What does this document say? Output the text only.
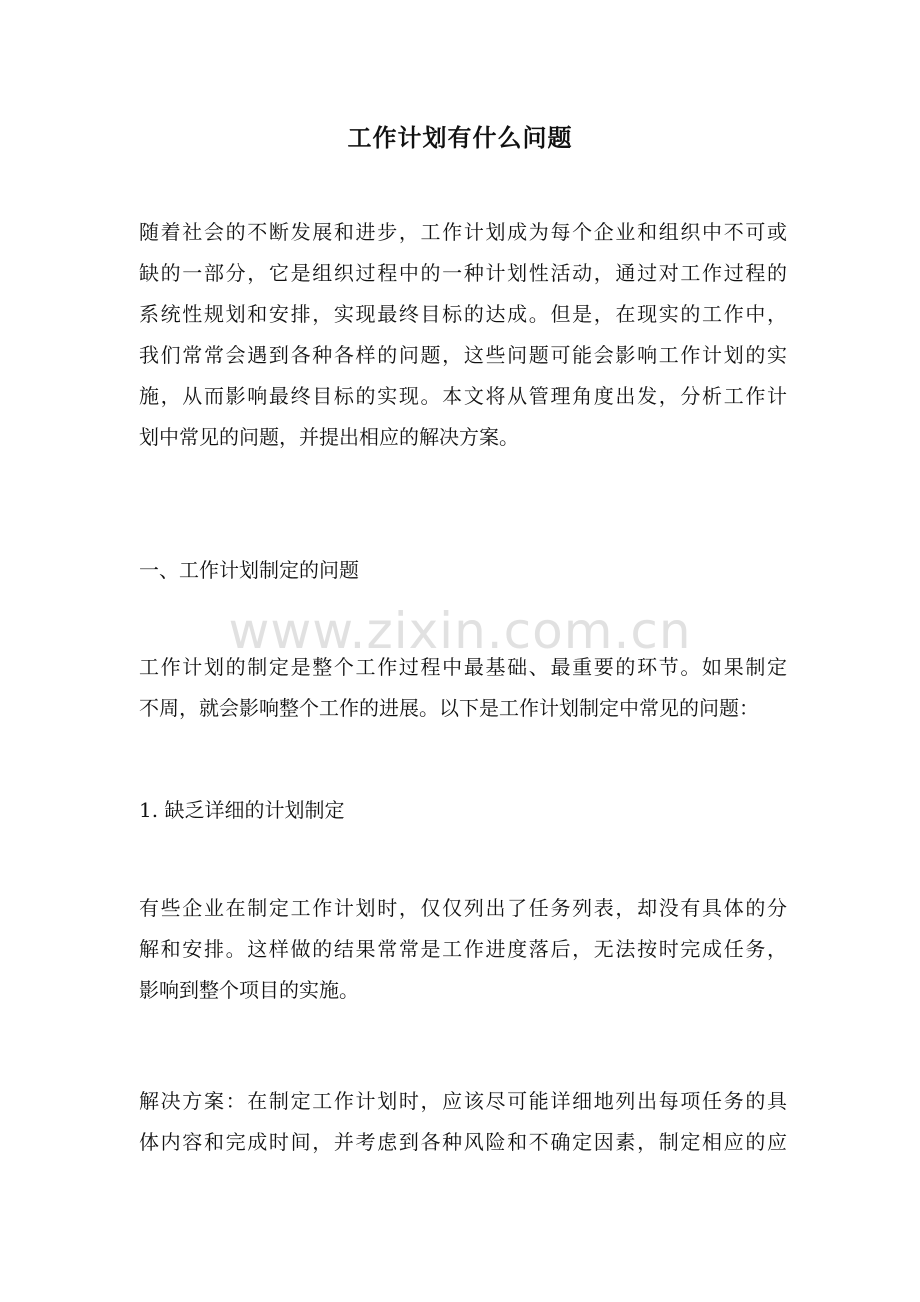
工作计划有什么问题
随着社会的不断发展和进步，工作计划成为每个企业和组织中不可或
缺的一部分，它是组织过程中的一种计划性活动，通过对工作过程的
系统性规划和安排，实现最终目标的达成。但是，在现实的工作中，
我们常常会遇到各种各样的问题，这些问题可能会影响工作计划的实
施，从而影响最终目标的实现。本文将从管理角度出发，分析工作计
划中常见的问题，并提出相应的解决方案。
一、工作计划制定的问题
www.zixin.com.cn
工作计划的制定是整个工作过程中最基础、最重要的环节。如果制定
不周，就会影响整个工作的进展。以下是工作计划制定中常见的问题：
1. 缺乏详细的计划制定
有些企业在制定工作计划时，仅仅列出了任务列表，却没有具体的分
解和安排。这样做的结果常常是工作进度落后，无法按时完成任务，
影响到整个项目的实施。
解决方案：在制定工作计划时，应该尽可能详细地列出每项任务的具
体内容和完成时间，并考虑到各种风险和不确定因素，制定相应的应
